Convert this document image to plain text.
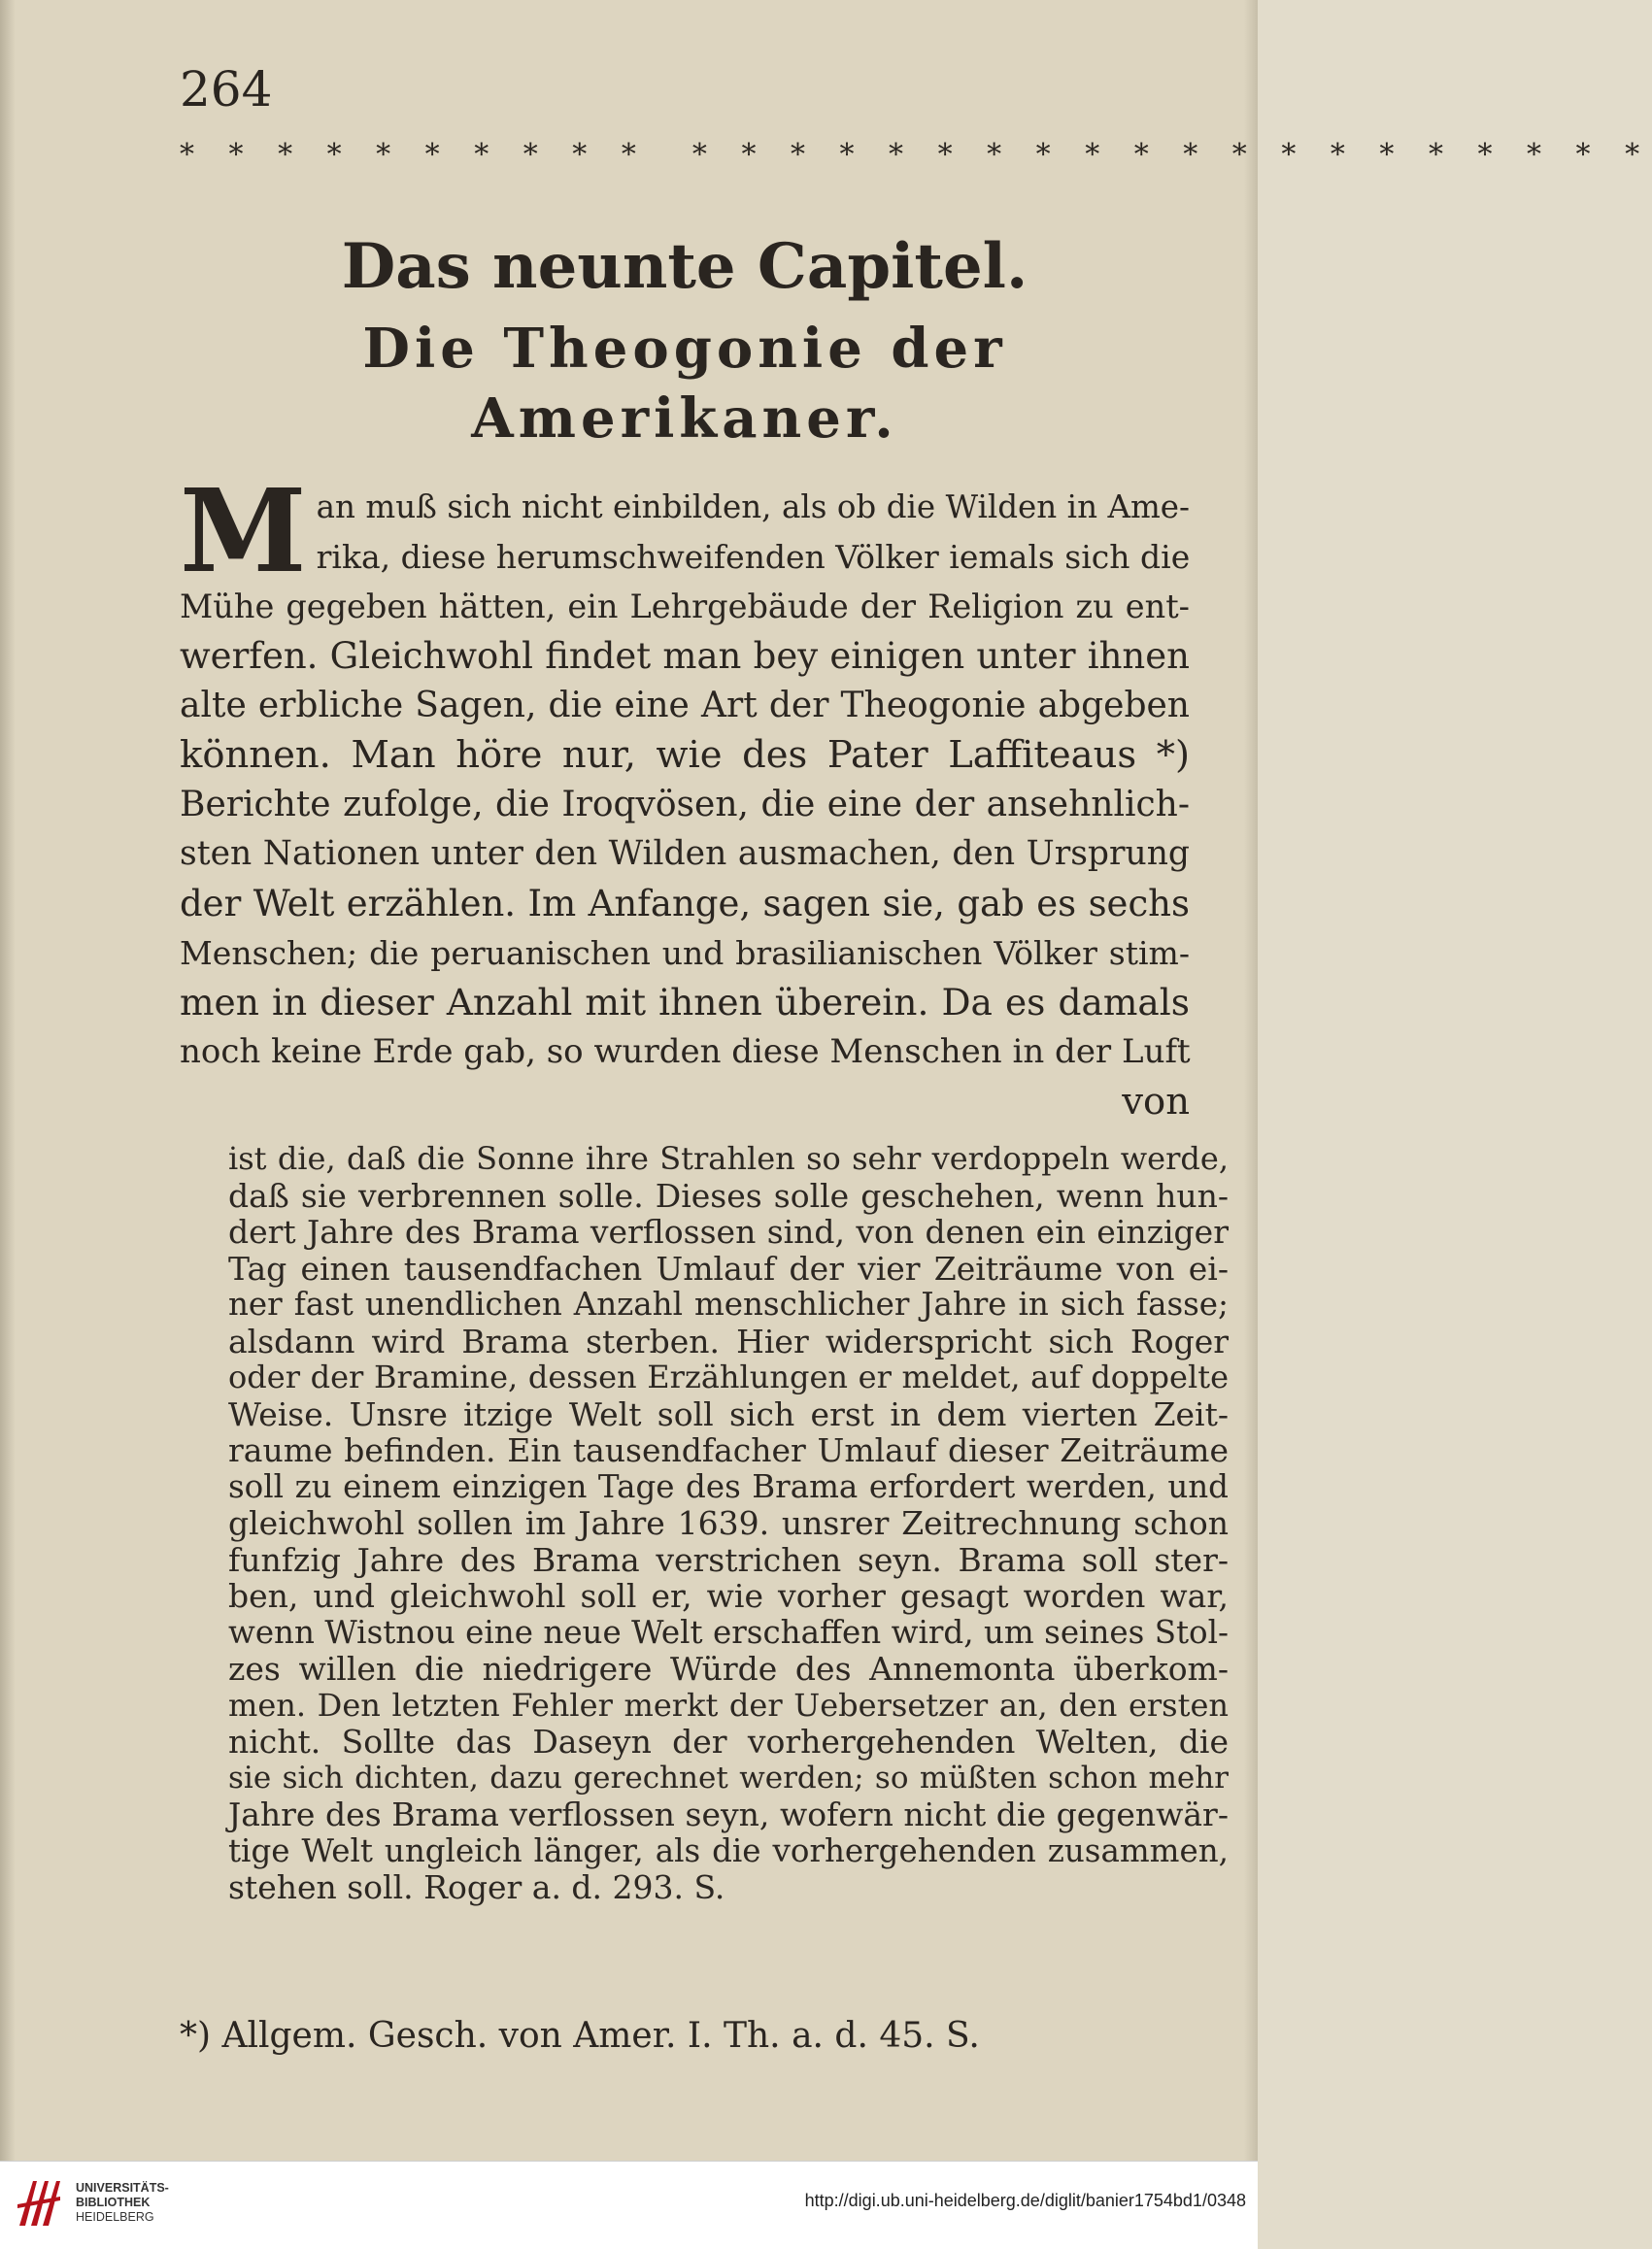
264
* * * * * * * * * * * * * * * * * * * * * * * * * * * * * *
Das neunte Capitel.
Die Theogonie der Amerikaner.
M an muß sich nicht einbilden, als ob die Wilden in Ame-
rika, diese herumschweifenden Völker iemals sich die
Mühe gegeben hätten, ein Lehrgebäude der Religion zu ent-
werfen. Gleichwohl findet man bey einigen unter ihnen
alte erbliche Sagen, die eine Art der Theogonie abgeben
können. Man höre nur, wie des Pater Laffiteaus *)
Berichte zufolge, die Iroqvösen, die eine der ansehnlich-
sten Nationen unter den Wilden ausmachen, den Ursprung
der Welt erzählen. Im Anfange, sagen sie, gab es sechs
Menschen; die peruanischen und brasilianischen Völker stim-
men in dieser Anzahl mit ihnen überein. Da es damals
noch keine Erde gab, so wurden diese Menschen in der Luft
von
ist die, daß die Sonne ihre Strahlen so sehr verdoppeln werde,
daß sie verbrennen solle. Dieses solle geschehen, wenn hun-
dert Jahre des Brama verflossen sind, von denen ein einziger
Tag einen tausendfachen Umlauf der vier Zeiträume von ei-
ner fast unendlichen Anzahl menschlicher Jahre in sich fasse;
alsdann wird Brama sterben. Hier widerspricht sich Roger
oder der Bramine, dessen Erzählungen er meldet, auf doppelte
Weise. Unsre itzige Welt soll sich erst in dem vierten Zeit-
raume befinden. Ein tausendfacher Umlauf dieser Zeiträume
soll zu einem einzigen Tage des Brama erfordert werden, und
gleichwohl sollen im Jahre 1639. unsrer Zeitrechnung schon
funfzig Jahre des Brama verstrichen seyn. Brama soll ster-
ben, und gleichwohl soll er, wie vorher gesagt worden war,
wenn Wistnou eine neue Welt erschaffen wird, um seines Stol-
zes willen die niedrigere Würde des Annemonta überkom-
men. Den letzten Fehler merkt der Uebersetzer an, den ersten
nicht. Sollte das Daseyn der vorhergehenden Welten, die
sie sich dichten, dazu gerechnet werden; so müßten schon mehr
Jahre des Brama verflossen seyn, wofern nicht die gegenwär-
tige Welt ungleich länger, als die vorhergehenden zusammen,
stehen soll. Roger a. d. 293. S.
*) Allgem. Gesch. von Amer. I. Th. a. d. 45. S.
UNIVERSITÄTS-
BIBLIOTHEK
HEIDELBERG
http://digi.ub.uni-heidelberg.de/diglit/banier1754bd1/0348
